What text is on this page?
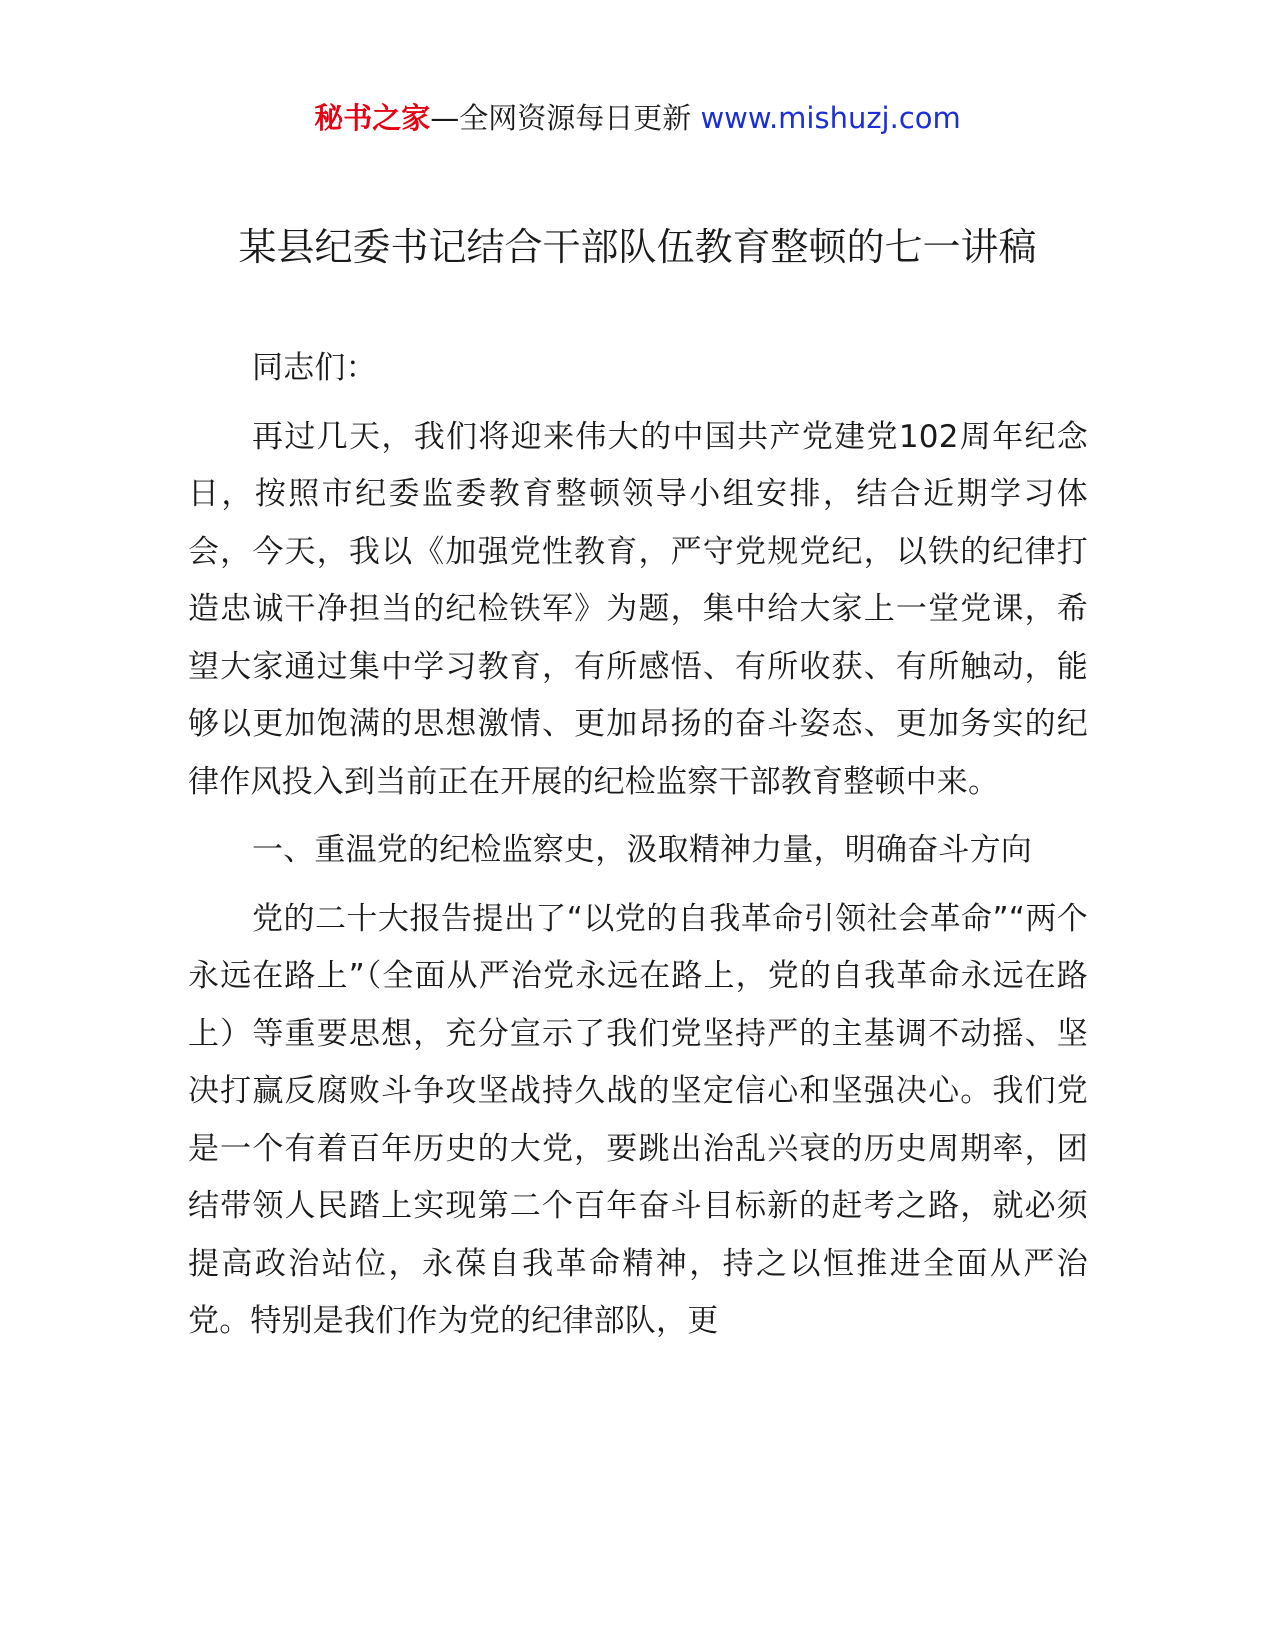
秘书之家—全网资源每日更新 www.mishuzj.com
某县纪委书记结合干部队伍教育整顿的七一讲稿

同志们：

再过几天，我们将迎来伟大的中国共产党建党102周年纪念日，按照市纪委监委教育整顿领导小组安排，结合近期学习体会，今天，我以《加强党性教育，严守党规党纪，以铁的纪律打造忠诚干净担当的纪检铁军》为题，集中给大家上一堂党课，希望大家通过集中学习教育，有所感悟、有所收获、有所触动，能够以更加饱满的思想激情、更加昂扬的奋斗姿态、更加务实的纪律作风投入到当前正在开展的纪检监察干部教育整顿中来。

一、重温党的纪检监察史，汲取精神力量，明确奋斗方向

党的二十大报告提出了“以党的自我革命引领社会革命”“两个永远在路上”（全面从严治党永远在路上，党的自我革命永远在路上）等重要思想，充分宣示了我们党坚持严的主基调不动摇、坚决打赢反腐败斗争攻坚战持久战的坚定信心和坚强决心。我们党是一个有着百年历史的大党，要跳出治乱兴衰的历史周期率，团结带领人民踏上实现第二个百年奋斗目标新的赶考之路，就必须提高政治站位，永葆自我革命精神，持之以恒推进全面从严治党。特别是我们作为党的纪律部队，更
